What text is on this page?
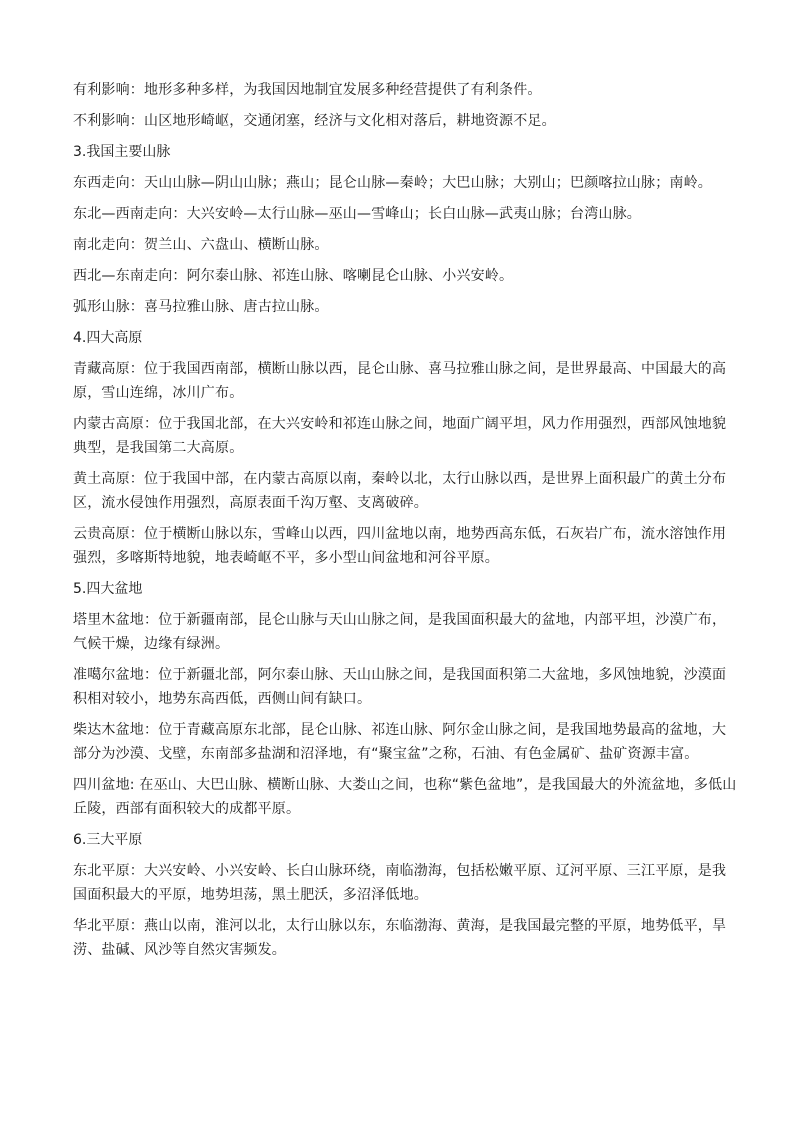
有利影响：地形多种多样，为我国因地制宜发展多种经营提供了有利条件。
不利影响：山区地形崎岖，交通闭塞，经济与文化相对落后，耕地资源不足。
3.我国主要山脉
东西走向：天山山脉—阴山山脉；燕山；昆仑山脉—秦岭；大巴山脉；大别山；巴颜喀拉山脉；南岭。
东北—西南走向：大兴安岭—太行山脉—巫山—雪峰山；长白山脉—武夷山脉；台湾山脉。
南北走向：贺兰山、六盘山、横断山脉。
西北—东南走向：阿尔泰山脉、祁连山脉、喀喇昆仑山脉、小兴安岭。
弧形山脉：喜马拉雅山脉、唐古拉山脉。
4.四大高原
青藏高原：位于我国西南部，横断山脉以西，昆仑山脉、喜马拉雅山脉之间，是世界最高、中国最大的高
原，雪山连绵，冰川广布。
内蒙古高原：位于我国北部，在大兴安岭和祁连山脉之间，地面广阔平坦，风力作用强烈，西部风蚀地貌
典型，是我国第二大高原。
黄土高原：位于我国中部，在内蒙古高原以南，秦岭以北，太行山脉以西，是世界上面积最广的黄土分布
区，流水侵蚀作用强烈，高原表面千沟万壑、支离破碎。
云贵高原：位于横断山脉以东，雪峰山以西，四川盆地以南，地势西高东低，石灰岩广布，流水溶蚀作用
强烈，多喀斯特地貌，地表崎岖不平，多小型山间盆地和河谷平原。
5.四大盆地
塔里木盆地：位于新疆南部，昆仑山脉与天山山脉之间，是我国面积最大的盆地，内部平坦，沙漠广布，
气候干燥，边缘有绿洲。
准噶尔盆地：位于新疆北部，阿尔泰山脉、天山山脉之间，是我国面积第二大盆地，多风蚀地貌，沙漠面
积相对较小，地势东高西低，西侧山间有缺口。
柴达木盆地：位于青藏高原东北部，昆仑山脉、祁连山脉、阿尔金山脉之间，是我国地势最高的盆地，大
部分为沙漠、戈壁，东南部多盐湖和沼泽地，有“聚宝盆”之称，石油、有色金属矿、盐矿资源丰富。
四川盆地: 在巫山、大巴山脉、横断山脉、大娄山之间，也称“紫色盆地”，是我国最大的外流盆地，多低山
丘陵，西部有面积较大的成都平原。
6.三大平原
东北平原：大兴安岭、小兴安岭、长白山脉环绕，南临渤海，包括松嫩平原、辽河平原、三江平原，是我
国面积最大的平原，地势坦荡，黑土肥沃，多沼泽低地。
华北平原：燕山以南，淮河以北，太行山脉以东，东临渤海、黄海，是我国最完整的平原，地势低平，旱
涝、盐碱、风沙等自然灾害频发。
